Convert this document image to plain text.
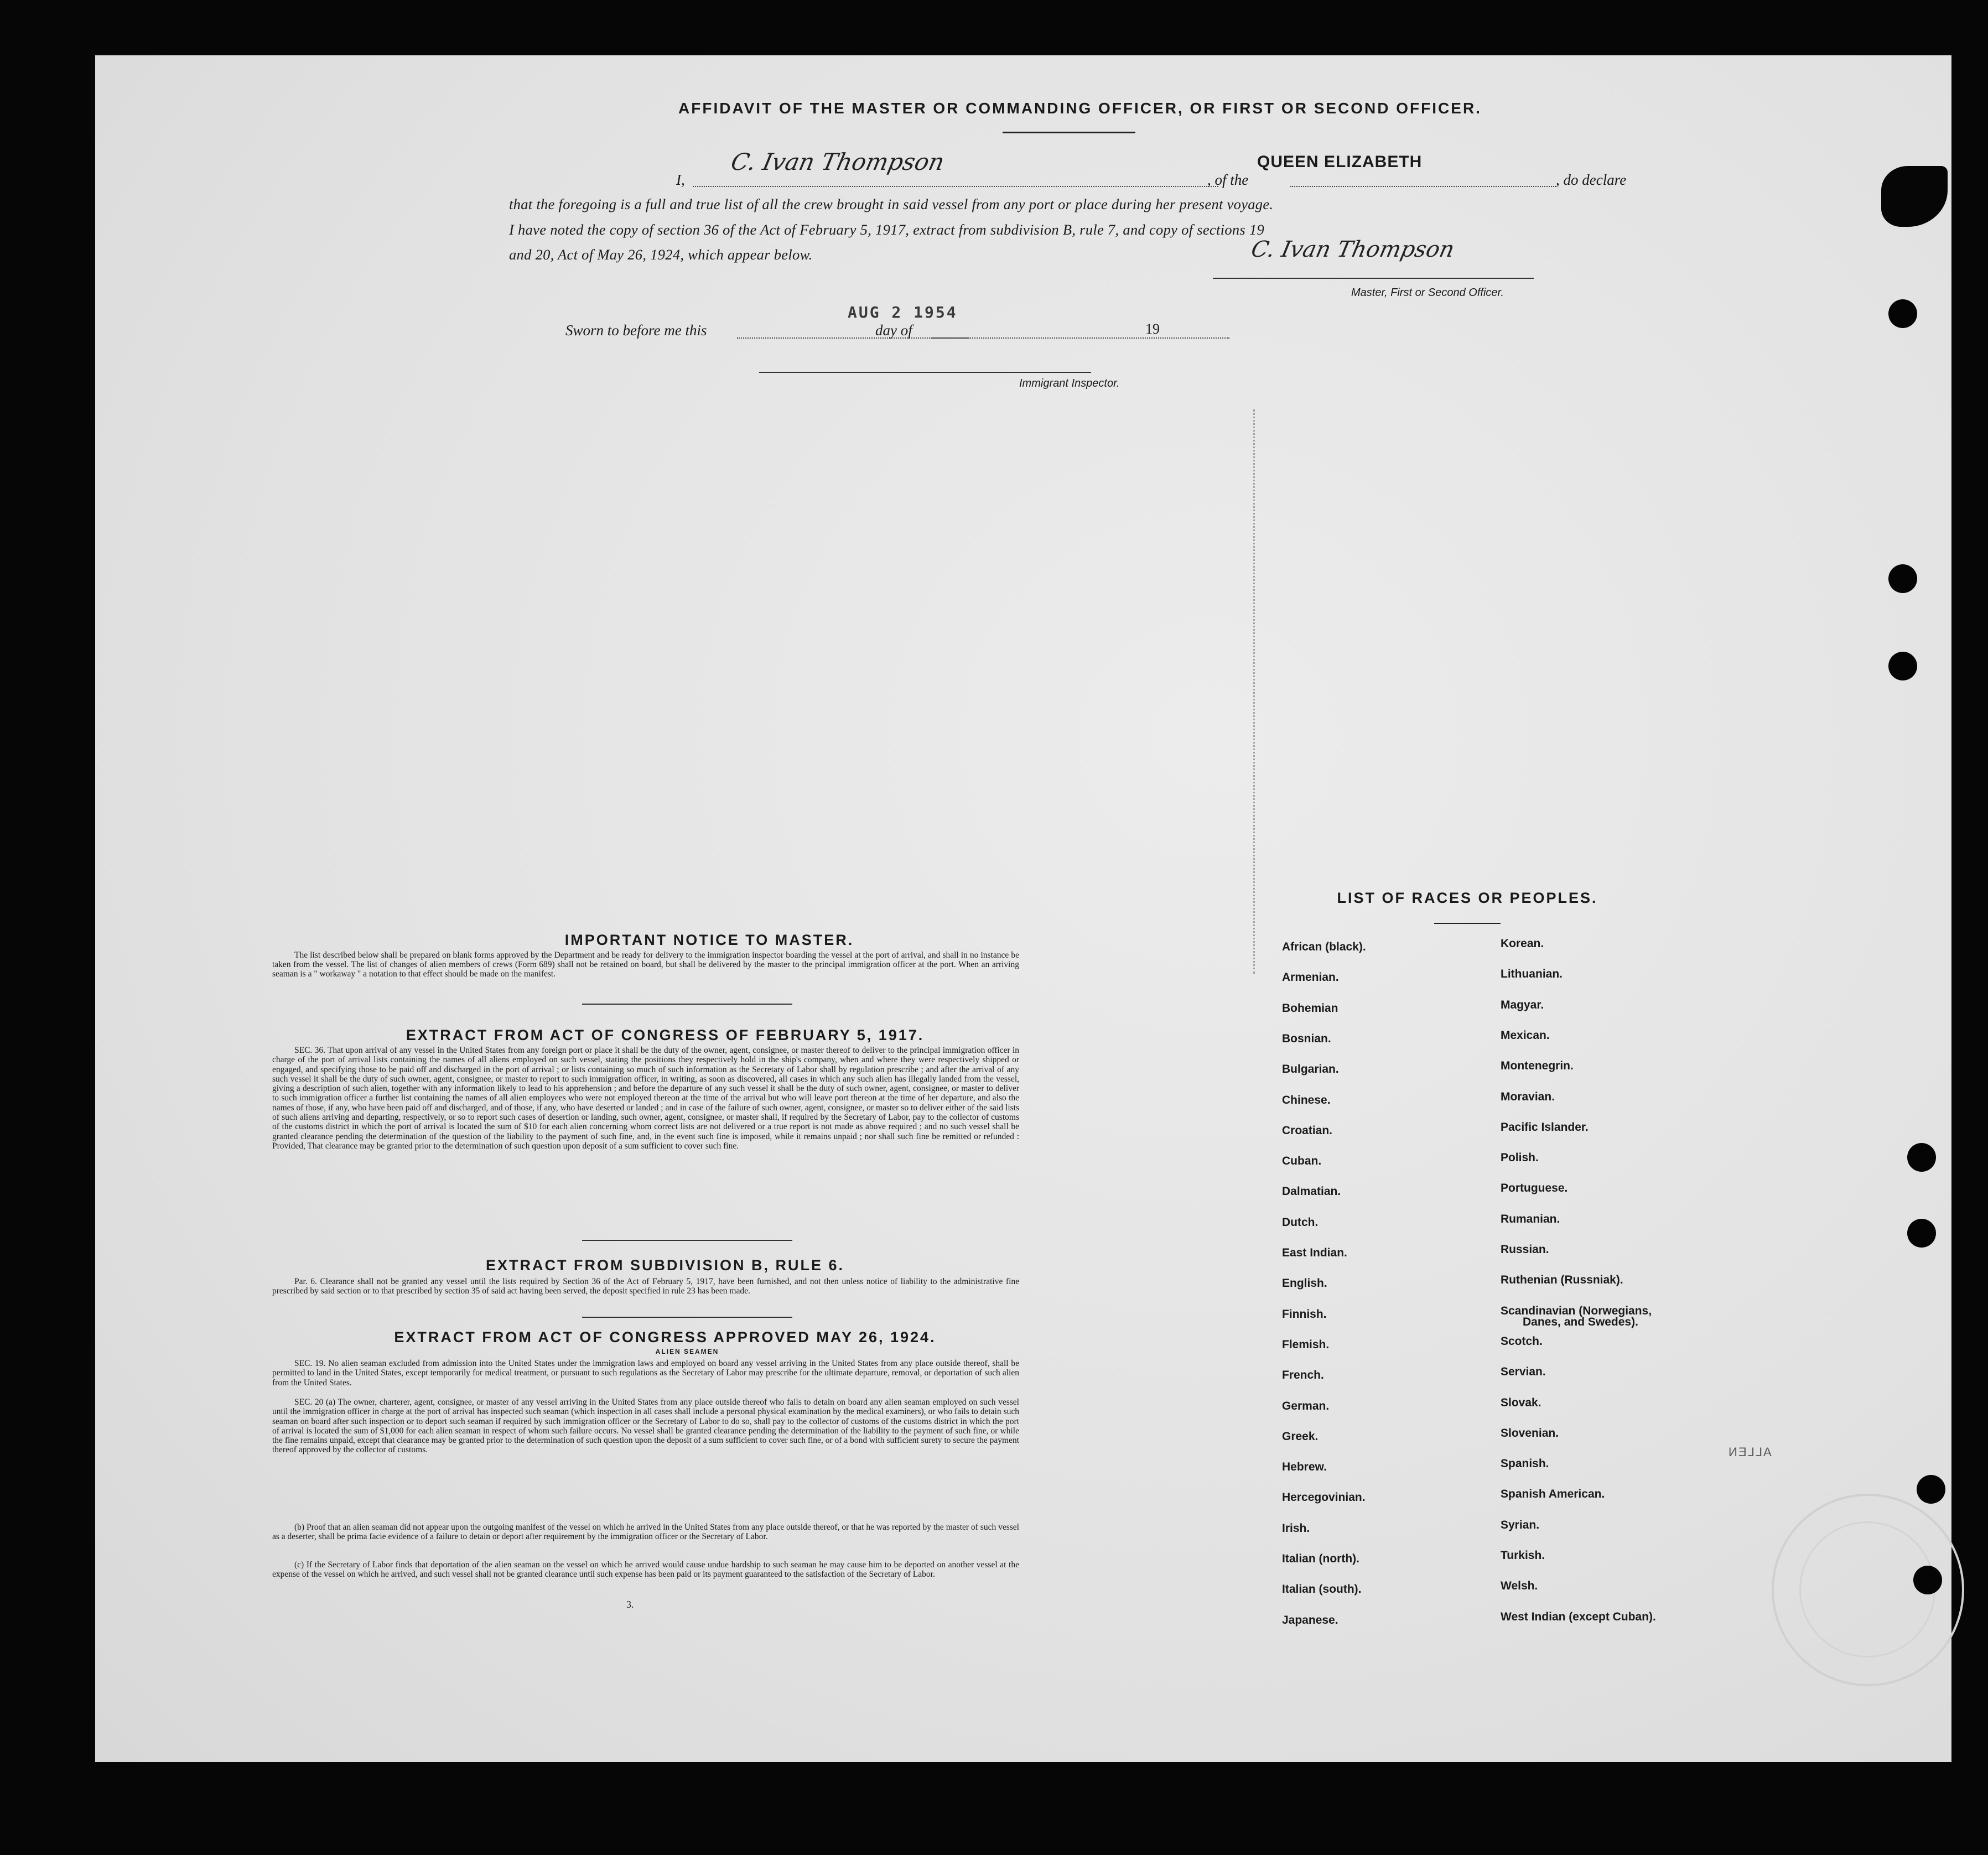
AFFIDAVIT OF THE MASTER OR COMMANDING OFFICER, OR FIRST OR SECOND OFFICER.
I,
C. Ivan Thompson
, of the
QUEEN ELIZABETH
, do declare
that the foregoing is a full and true list of all the crew brought in said vessel from any port or place during her present voyage.
I have noted the copy of section 36 of the Act of February 5, 1917, extract from subdivision B, rule 7, and copy of sections 19
and 20, Act of May 26, 1924, which appear below.	C. Ivan Thompson
Master, First or Second Officer.
AUG 2 1954
Sworn to before me this	day of	19
Immigrant Inspector.
IMPORTANT NOTICE TO MASTER.
The list described below shall be prepared on blank forms approved by the Department and be ready for delivery to the immigration inspector boarding the vessel at the port of arrival, and shall in no instance be taken from the vessel. The list of changes of alien members of crews (Form 689) shall not be retained on board, but shall be delivered by the master to the principal immigration officer at the port. When an arriving seaman is a " workaway " a notation to that effect should be made on the manifest.
EXTRACT FROM ACT OF CONGRESS OF FEBRUARY 5, 1917.
SEC. 36. That upon arrival of any vessel in the United States from any foreign port or place it shall be the duty of the owner, agent, consignee, or master thereof to deliver to the principal immigration officer in charge of the port of arrival lists containing the names of all aliens employed on such vessel, stating the positions they respectively hold in the ship's company, when and where they were respectively shipped or engaged, and specifying those to be paid off and discharged in the port of arrival ; or lists containing so much of such information as the Secretary of Labor shall by regulation prescribe ; and after the arrival of any such vessel it shall be the duty of such owner, agent, consignee, or master to report to such immigration officer, in writing, as soon as discovered, all cases in which any such alien has illegally landed from the vessel, giving a description of such alien, together with any information likely to lead to his apprehension ; and before the departure of any such vessel it shall be the duty of such owner, agent, consignee, or master to deliver to such immigration officer a further list containing the names of all alien employees who were not employed thereon at the time of the arrival but who will leave port thereon at the time of her departure, and also the names of those, if any, who have been paid off and discharged, and of those, if any, who have deserted or landed ; and in case of the failure of such owner, agent, consignee, or master so to deliver either of the said lists of such aliens arriving and departing, respectively, or so to report such cases of desertion or landing, such owner, agent, consignee, or master shall, if required by the Secretary of Labor, pay to the collector of customs of the customs district in which the port of arrival is located the sum of $10 for each alien concerning whom correct lists are not delivered or a true report is not made as above required ; and no such vessel shall be granted clearance pending the determination of the question of the liability to the payment of such fine, and, in the event such fine is imposed, while it remains unpaid ; nor shall such fine be remitted or refunded : Provided, That clearance may be granted prior to the determination of such question upon deposit of a sum sufficient to cover such fine.
EXTRACT FROM SUBDIVISION B, RULE 6.
Par. 6. Clearance shall not be granted any vessel until the lists required by Section 36 of the Act of February 5, 1917, have been furnished, and not then unless notice of liability to the administrative fine prescribed by said section or to that prescribed by section 35 of said act having been served, the deposit specified in rule 23 has been made.
EXTRACT FROM ACT OF CONGRESS APPROVED MAY 26, 1924.
ALIEN SEAMEN
SEC. 19. No alien seaman excluded from admission into the United States under the immigration laws and employed on board any vessel arriving in the United States from any place outside thereof, shall be permitted to land in the United States, except temporarily for medical treatment, or pursuant to such regulations as the Secretary of Labor may prescribe for the ultimate departure, removal, or deportation of such alien from the United States.
SEC. 20 (a) The owner, charterer, agent, consignee, or master of any vessel arriving in the United States from any place outside thereof who fails to detain on board any alien seaman employed on such vessel until the immigration officer in charge at the port of arrival has inspected such seaman (which inspection in all cases shall include a personal physical examination by the medical examiners), or who fails to detain such seaman on board after such inspection or to deport such seaman if required by such immigration officer or the Secretary of Labor to do so, shall pay to the collector of customs of the customs district in which the port of arrival is located the sum of $1,000 for each alien seaman in respect of whom such failure occurs. No vessel shall be granted clearance pending the determination of the liability to the payment of such fine, or while the fine remains unpaid, except that clearance may be granted prior to the determination of such question upon the deposit of a sum sufficient to cover such fine, or of a bond with sufficient surety to secure the payment thereof approved by the collector of customs.
(b) Proof that an alien seaman did not appear upon the outgoing manifest of the vessel on which he arrived in the United States from any place outside thereof, or that he was reported by the master of such vessel as a deserter, shall be prima facie evidence of a failure to detain or deport after requirement by the immigration officer or the Secretary of Labor.
(c) If the Secretary of Labor finds that deportation of the alien seaman on the vessel on which he arrived would cause undue hardship to such seaman he may cause him to be deported on another vessel at the expense of the vessel on which he arrived, and such vessel shall not be granted clearance until such expense has been paid or its payment guaranteed to the satisfaction of the Secretary of Labor.
3.
LIST OF RACES OR PEOPLES.
African (black).
Armenian.
Bohemian
Bosnian.
Bulgarian.
Chinese.
Croatian.
Cuban.
Dalmatian.
Dutch.
East Indian.
English.
Finnish.
Flemish.
French.
German.
Greek.
Hebrew.
Hercegovinian.
Irish.
Italian (north).
Italian (south).
Japanese.
Korean.
Lithuanian.
Magyar.
Mexican.
Montenegrin.
Moravian.
Pacific Islander.
Polish.
Portuguese.
Rumanian.
Russian.
Ruthenian (Russniak).
Scandinavian (Norwegians,
Scotch.
Servian.
Slovak.
Slovenian.
Spanish.
Spanish American.
Syrian.
Turkish.
Welsh.
West Indian (except Cuban).
Danes, and Swedes).
ALLEN
